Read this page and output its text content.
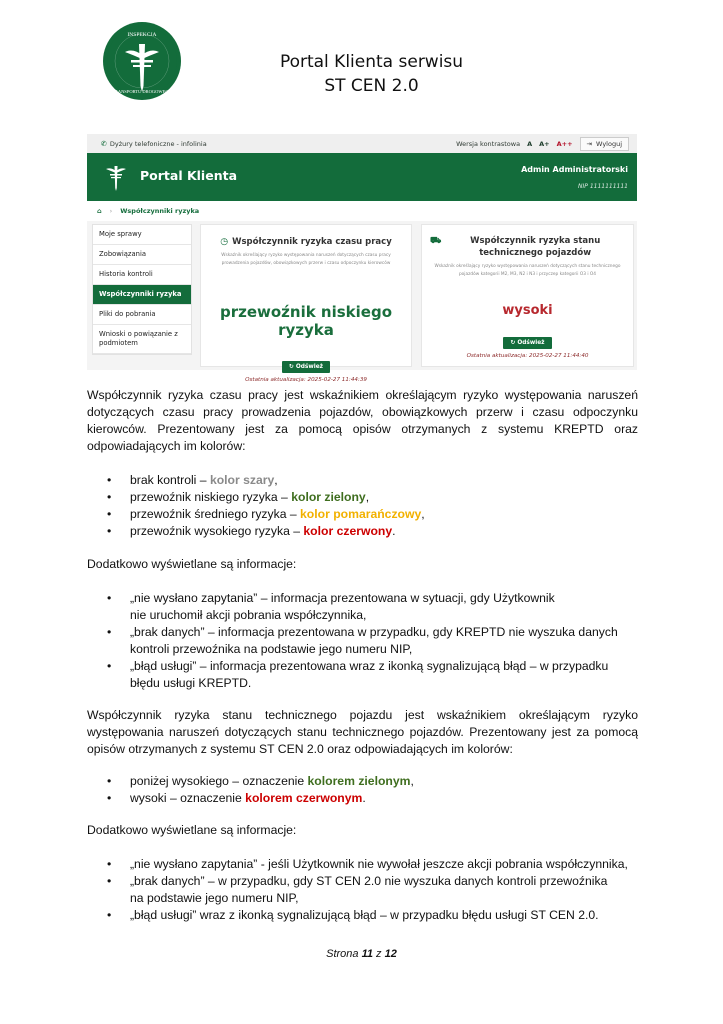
INSPEKCJA
TRANSPORTU DROGOWEGO
Portal Klienta serwisu
ST CEN 2.0
✆ Dyżury telefoniczne - infolinia	Wersja kontrastowa A A+ A++ ⇥ Wyloguj
Portal Klienta	Admin Administratorski
NIP 1111111111
⌂ › Współczynniki ryzyka
Moje sprawy
Zobowiązania
Historia kontroli
Współczynniki ryzyka
Pliki do pobrania
Wnioski o powiązanie z podmiotem
◷ Współczynnik ryzyka czasu pracy
Wskaźnik określający ryzyko występowania naruszeń dotyczących czasu pracy prowadzenia pojazdów, obowiązkowych przerw i czasu odpoczynku kierowców
przewoźnik niskiego ryzyka
↻ Odśwież
Ostatnia aktualizacja: 2025-02-27 11:44:39
⛟	Współczynnik ryzyka stanu technicznego pojazdów
Wskaźnik określający ryzyko występowania naruszeń dotyczących stanu technicznego pojazdów kategorii M2, M3, N2 i N3 i przyczep kategorii O3 i O4
wysoki
↻ Odśwież
Ostatnia aktualizacja: 2025-02-27 11:44:40

Współczynnik ryzyka czasu pracy jest wskaźnikiem określającym ryzyko występowania naruszeń dotyczących czasu pracy prowadzenia pojazdów, obowiązkowych przerw i czasu odpoczynku kierowców. Prezentowany jest za pomocą opisów otrzymanych z systemu KREPTD oraz odpowiadających im kolorów:

• brak kontroli – kolor szary,
• przewoźnik niskiego ryzyka – kolor zielony,
• przewoźnik średniego ryzyka – kolor pomarańczowy,
• przewoźnik wysokiego ryzyka – kolor czerwony.

Dodatkowo wyświetlane są informacje:

• „nie wysłano zapytania” – informacja prezentowana w sytuacji, gdy Użytkownik
nie uruchomił akcji pobrania współczynnika,
• „brak danych” – informacja prezentowana w przypadku, gdy KREPTD nie wyszuka danych
kontroli przewoźnika na podstawie jego numeru NIP,
• „błąd usługi” – informacja prezentowana wraz z ikonką sygnalizującą błąd – w przypadku
błędu usługi KREPTD.

Współczynnik ryzyka stanu technicznego pojazdu jest wskaźnikiem określającym ryzyko występowania naruszeń dotyczących stanu technicznego pojazdów. Prezentowany jest za pomocą opisów otrzymanych z systemu ST CEN 2.0 oraz odpowiadających im kolorów:

• poniżej wysokiego – oznaczenie kolorem zielonym,
• wysoki – oznaczenie kolorem czerwonym.

Dodatkowo wyświetlane są informacje:

• „nie wysłano zapytania” - jeśli Użytkownik nie wywołał jeszcze akcji pobrania współczynnika,
• „brak danych” – w przypadku, gdy ST CEN 2.0 nie wyszuka danych kontroli przewoźnika
na podstawie jego numeru NIP,
• „błąd usługi” wraz z ikonką sygnalizującą błąd – w przypadku błędu usługi ST CEN 2.0.
Strona 11 z 12
